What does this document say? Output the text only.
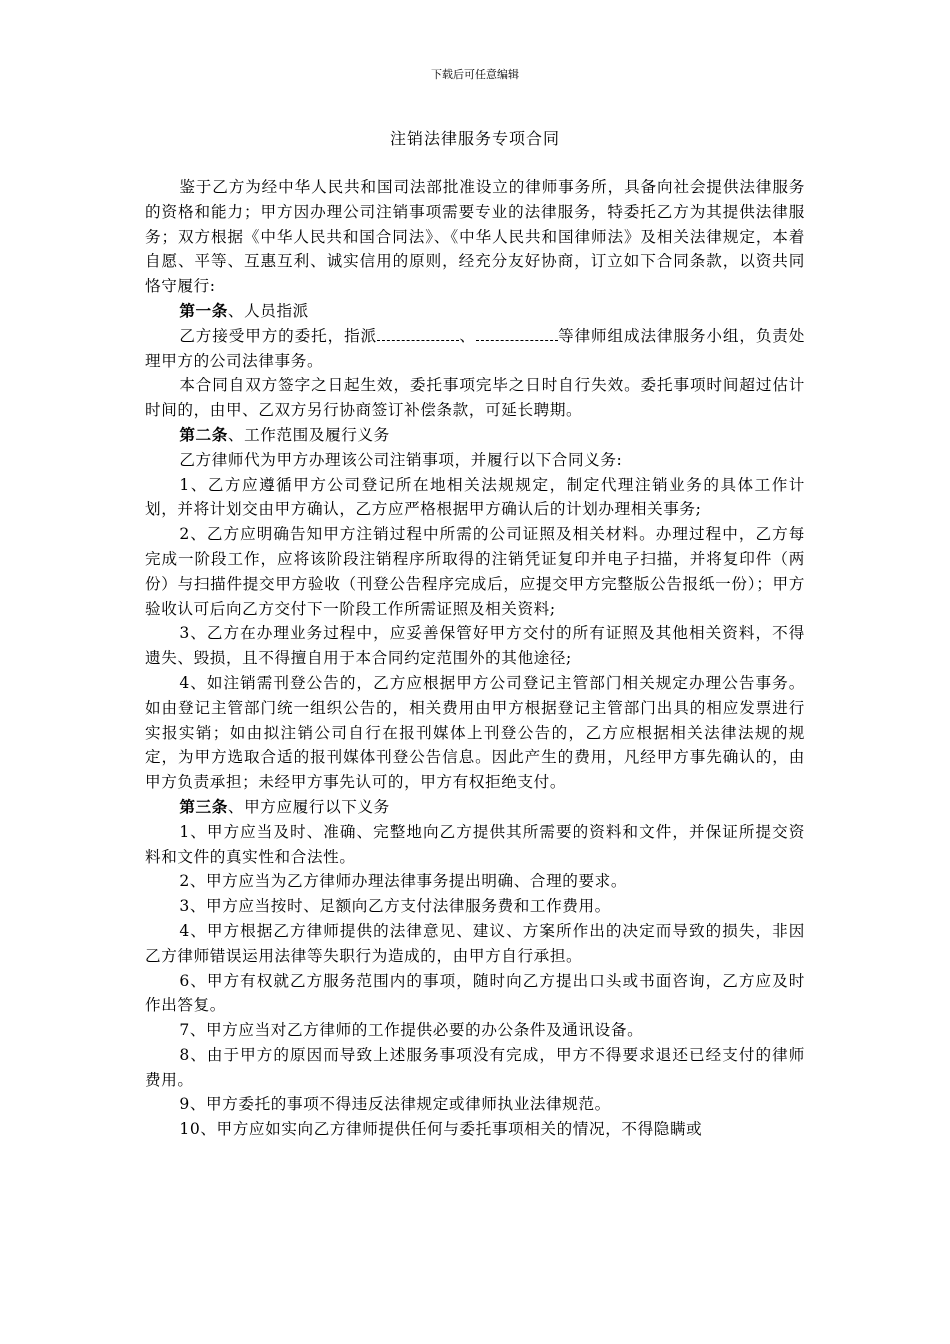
下载后可任意编辑
注销法律服务专项合同

鉴于乙方为经中华人民共和国司法部批准设立的律师事务所，具备向社会提供法律服务的资格和能力；甲方因办理公司注销事项需要专业的法律服务，特委托乙方为其提供法律服务；双方根据《中华人民共和国合同法》、《中华人民共和国律师法》及相关法律规定，本着自愿、平等、互惠互利、诚实信用的原则，经充分友好协商，订立如下合同条款，以资共同恪守履行:

第一条、人员指派

乙方接受甲方的委托，指派	、	等律师组成法律服务小组，负责处理甲方的公司法律事务。

本合同自双方签字之日起生效，委托事项完毕之日时自行失效。委托事项时间超过估计时间的，由甲、乙双方另行协商签订补偿条款，可延长聘期。

第二条、工作范围及履行义务

乙方律师代为甲方办理该公司注销事项，并履行以下合同义务:

1、乙方应遵循甲方公司登记所在地相关法规规定，制定代理注销业务的具体工作计划，并将计划交由甲方确认，乙方应严格根据甲方确认后的计划办理相关事务;

2、乙方应明确告知甲方注销过程中所需的公司证照及相关材料。办理过程中，乙方每完成一阶段工作，应将该阶段注销程序所取得的注销凭证复印并电子扫描，并将复印件（两份）与扫描件提交甲方验收（刊登公告程序完成后，应提交甲方完整版公告报纸一份）；甲方验收认可后向乙方交付下一阶段工作所需证照及相关资料;

3、乙方在办理业务过程中，应妥善保管好甲方交付的所有证照及其他相关资料，不得遗失、毁损，且不得擅自用于本合同约定范围外的其他途径;

4、如注销需刊登公告的，乙方应根据甲方公司登记主管部门相关规定办理公告事务。如由登记主管部门统一组织公告的，相关费用由甲方根据登记主管部门出具的相应发票进行实报实销；如由拟注销公司自行在报刊媒体上刊登公告的，乙方应根据相关法律法规的规定，为甲方选取合适的报刊媒体刊登公告信息。因此产生的费用，凡经甲方事先确认的，由甲方负责承担；未经甲方事先认可的，甲方有权拒绝支付。

第三条、甲方应履行以下义务

1、甲方应当及时、准确、完整地向乙方提供其所需要的资料和文件，并保证所提交资料和文件的真实性和合法性。

2、甲方应当为乙方律师办理法律事务提出明确、合理的要求。

3、甲方应当按时、足额向乙方支付法律服务费和工作费用。

4、甲方根据乙方律师提供的法律意见、建议、方案所作出的决定而导致的损失，非因乙方律师错误运用法律等失职行为造成的，由甲方自行承担。

6、甲方有权就乙方服务范围内的事项，随时向乙方提出口头或书面咨询，乙方应及时作出答复。

7、甲方应当对乙方律师的工作提供必要的办公条件及通讯设备。

8、由于甲方的原因而导致上述服务事项没有完成，甲方不得要求退还已经支付的律师费用。

9、甲方委托的事项不得违反法律规定或律师执业法律规范。

10、甲方应如实向乙方律师提供任何与委托事项相关的情况，不得隐瞒或
